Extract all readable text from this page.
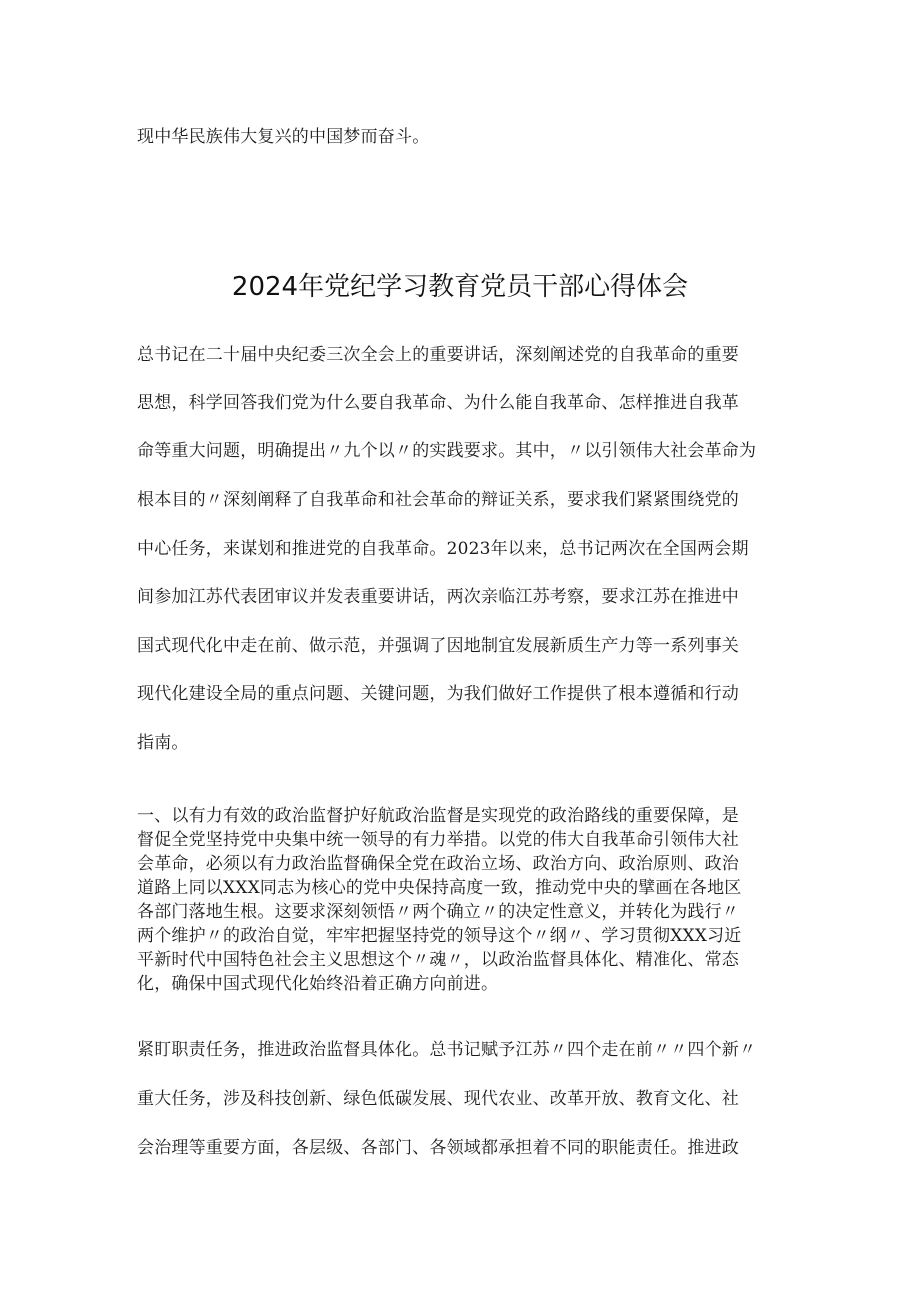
现中华民族伟大复兴的中国梦而奋斗。
2024年党纪学习教育党员干部心得体会
总书记在二十届中央纪委三次全会上的重要讲话，深刻阐述党的自我革命的重要
思想，科学回答我们党为什么要自我革命、为什么能自我革命、怎样推进自我革
命等重大问题，明确提出〃九个以〃的实践要求。其中，〃以引领伟大社会革命为
根本目的〃深刻阐释了自我革命和社会革命的辩证关系，要求我们紧紧围绕党的
中心任务，来谋划和推进党的自我革命。2023年以来，总书记两次在全国两会期
间参加江苏代表团审议并发表重要讲话，两次亲临江苏考察，要求江苏在推进中
国式现代化中走在前、做示范，并强调了因地制宜发展新质生产力等一系列事关
现代化建设全局的重点问题、关键问题，为我们做好工作提供了根本遵循和行动
指南。
一、以有力有效的政治监督护好航政治监督是实现党的政治路线的重要保障，是
督促全党坚持党中央集中统一领导的有力举措。以党的伟大自我革命引领伟大社
会革命，必须以有力政治监督确保全党在政治立场、政治方向、政治原则、政治
道路上同以XXX同志为核心的党中央保持高度一致，推动党中央的擘画在各地区
各部门落地生根。这要求深刻领悟〃两个确立〃的决定性意义，并转化为践行〃
两个维护〃的政治自觉，牢牢把握坚持党的领导这个〃纲〃、学习贯彻XXX习近
平新时代中国特色社会主义思想这个〃魂〃，以政治监督具体化、精准化、常态
化，确保中国式现代化始终沿着正确方向前进。
紧盯职责任务，推进政治监督具体化。总书记赋予江苏〃四个走在前〃〃四个新〃
重大任务，涉及科技创新、绿色低碳发展、现代农业、改革开放、教育文化、社
会治理等重要方面，各层级、各部门、各领域都承担着不同的职能责任。推进政
